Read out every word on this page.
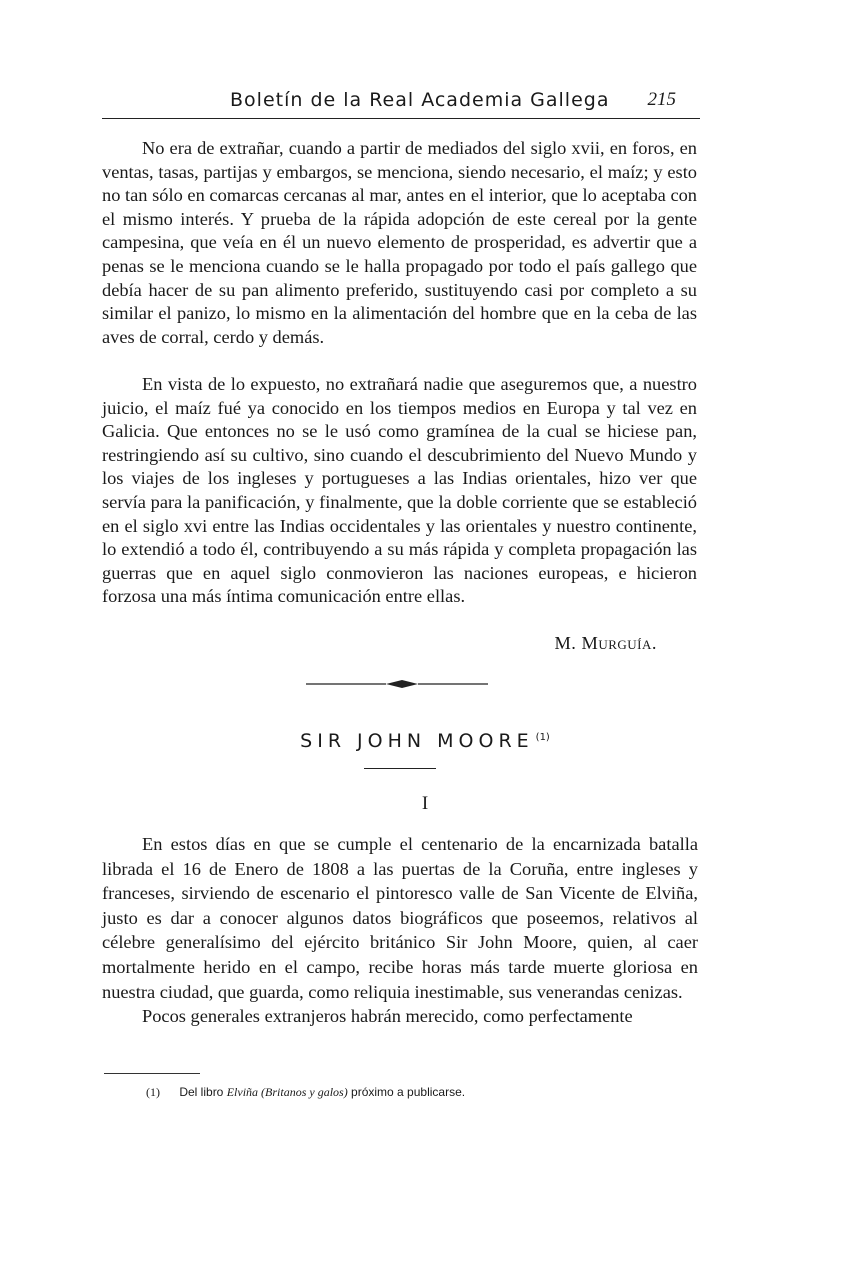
Boletín de la Real Academia Gallega 215

No era de extrañar, cuando a partir de mediados del siglo xvii, en foros, en ventas, tasas, partijas y embargos, se menciona, siendo necesario, el maíz; y esto no tan sólo en comarcas cercanas al mar, antes en el interior, que lo aceptaba con el mismo interés. Y prueba de la rápida adopción de este cereal por la gente campesina, que veía en él un nuevo elemento de prosperidad, es advertir que a penas se le menciona cuando se le halla propagado por todo el país gallego que debía hacer de su pan alimento preferido, sustituyendo casi por completo a su similar el panizo, lo mismo en la alimentación del hombre que en la ceba de las aves de corral, cerdo y demás.

En vista de lo expuesto, no extrañará nadie que aseguremos que, a nuestro juicio, el maíz fué ya conocido en los tiempos medios en Europa y tal vez en Galicia. Que entonces no se le usó como gramínea de la cual se hiciese pan, restringiendo así su cultivo, sino cuando el descubrimiento del Nuevo Mundo y los viajes de los ingleses y portugueses a las Indias orientales, hizo ver que servía para la panificación, y finalmente, que la doble corriente que se estableció en el siglo xvi entre las Indias occidentales y las orientales y nuestro continente, lo extendió a todo él, contribuyendo a su más rápida y completa propagación las guerras que en aquel siglo conmovieron las naciones europeas, e hicieron forzosa una más íntima comunicación entre ellas.

M. Murguía.
SIR JOHN MOORE $^{(1)}$
I

En estos días en que se cumple el centenario de la encarnizada batalla librada el 16 de Enero de 1808 a las puertas de la Coruña, entre ingleses y franceses, sirviendo de escenario el pintoresco valle de San Vicente de Elviña, justo es dar a conocer algunos datos biográficos que poseemos, relativos al célebre generalísimo del ejército británico Sir John Moore, quien, al caer mortalmente herido en el campo, recibe horas más tarde muerte gloriosa en nuestra ciudad, que guarda, como reliquia inestimable, sus venerandas cenizas.

Pocos generales extranjeros habrán merecido, como perfectamente

(1) Del libro Elviña (Britanos y galos) próximo a publicarse.
